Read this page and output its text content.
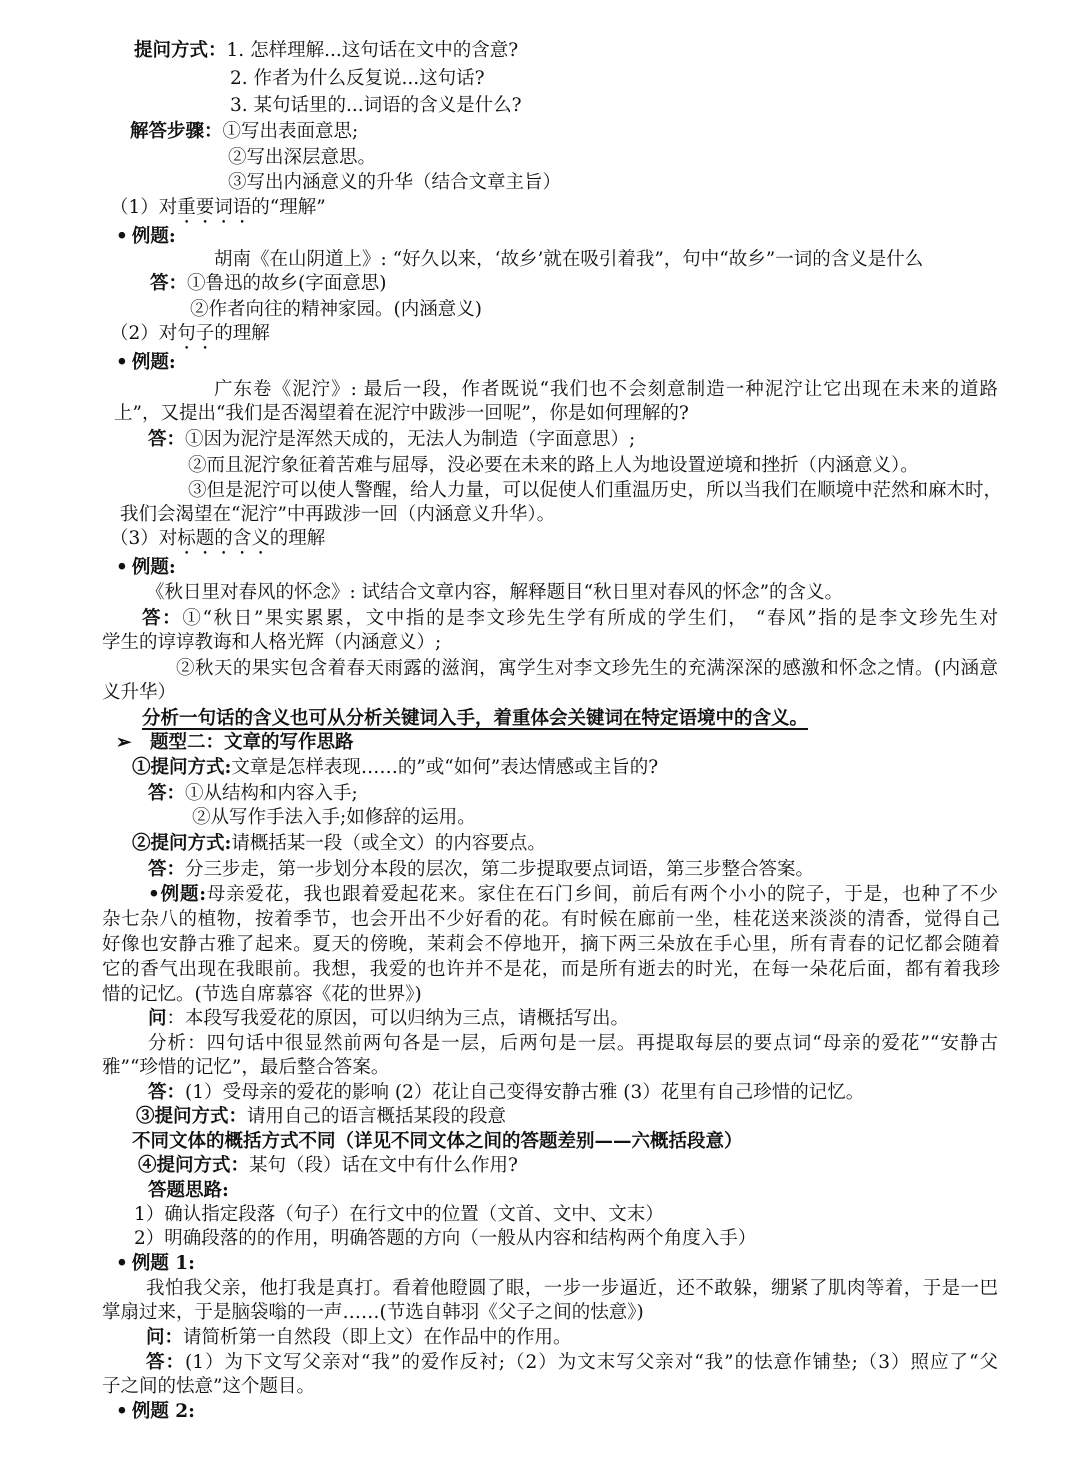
提问方式：1. 怎样理解...这句话在文中的含意?
2. 作者为什么反复说...这句话?
3. 某句话里的...词语的含义是什么?
解答步骤：①写出表面意思;
②写出深层意思。
③写出内涵意义的升华（结合文章主旨）
（1）对重要词语的“理解”
• 例题:
胡南《在山阴道上》: “好久以来，‘故乡’就在吸引着我”，句中“故乡”一词的含义是什么
答：①鲁迅的故乡(字面意思)
②作者向往的精神家园。(内涵意义)
（2）对句子的理解
• 例题:
广东卷《泥泞》: 最后一段，作者既说“我们也不会刻意制造一种泥泞让它出现在未来的道路
上”，又提出“我们是否渴望着在泥泞中跋涉一回呢”，你是如何理解的?
答：①因为泥泞是浑然天成的，无法人为制造（字面意思）;
②而且泥泞象征着苦难与屈辱，没必要在未来的路上人为地设置逆境和挫折（内涵意义）。
③但是泥泞可以使人警醒，给人力量，可以促使人们重温历史，所以当我们在顺境中茫然和麻木时，
我们会渴望在“泥泞”中再跋涉一回（内涵意义升华）。
（3）对标题的含义的理解
• 例题:
《秋日里对春风的怀念》: 试结合文章内容，解释题目“秋日里对春风的怀念”的含义。
答：①“秋日”果实累累，文中指的是李文珍先生学有所成的学生们， “春风”指的是李文珍先生对
学生的谆谆教诲和人格光辉（内涵意义）;
②秋天的果实包含着春天雨露的滋润，寓学生对李文珍先生的充满深深的感激和怀念之情。(内涵意
义升华）
分析一句话的含义也可从分析关键词入手，着重体会关键词在特定语境中的含义。
➢ 题型二：文章的写作思路
①提问方式:文章是怎样表现……的”或“如何”表达情感或主旨的?
答：①从结构和内容入手;
②从写作手法入手;如修辞的运用。
②提问方式:请概括某一段（或全文）的内容要点。
答：分三步走，第一步划分本段的层次，第二步提取要点词语，第三步整合答案。
•例题:母亲爱花，我也跟着爱起花来。家住在石门乡间，前后有两个小小的院子，于是，也种了不少
杂七杂八的植物，按着季节，也会开出不少好看的花。有时候在廊前一坐，桂花送来淡淡的清香，觉得自己
好像也安静古雅了起来。夏天的傍晚，茉莉会不停地开，摘下两三朵放在手心里，所有青春的记忆都会随着
它的香气出现在我眼前。我想，我爱的也许并不是花，而是所有逝去的时光，在每一朵花后面，都有着我珍
惜的记忆。(节选自席慕容《花的世界》)
问：本段写我爱花的原因，可以归纳为三点，请概括写出。
分析：四句话中很显然前两句各是一层，后两句是一层。再提取每层的要点词“母亲的爱花”“安静古
雅”“珍惜的记忆”，最后整合答案。
答：(1）受母亲的爱花的影响 (2）花让自己变得安静古雅 (3）花里有自己珍惜的记忆。
③提问方式：请用自己的语言概括某段的段意
不同文体的概括方式不同（详见不同文体之间的答题差别——六概括段意）
④提问方式：某句（段）话在文中有什么作用?
答题思路:
1）确认指定段落（句子）在行文中的位置（文首、文中、文末）
2）明确段落的的作用，明确答题的方向（一般从内容和结构两个角度入手）
• 例题 1:
我怕我父亲，他打我是真打。看着他瞪圆了眼，一步一步逼近，还不敢躲，绷紧了肌肉等着，于是一巴
掌扇过来，于是脑袋嗡的一声……(节选自韩羽《父子之间的怯意》)
问：请简析第一自然段（即上文）在作品中的作用。
答：(1）为下文写父亲对“我”的爱作反衬;（2）为文末写父亲对“我”的怯意作铺垫;（3）照应了“父
子之间的怯意”这个题目。
• 例题 2:
